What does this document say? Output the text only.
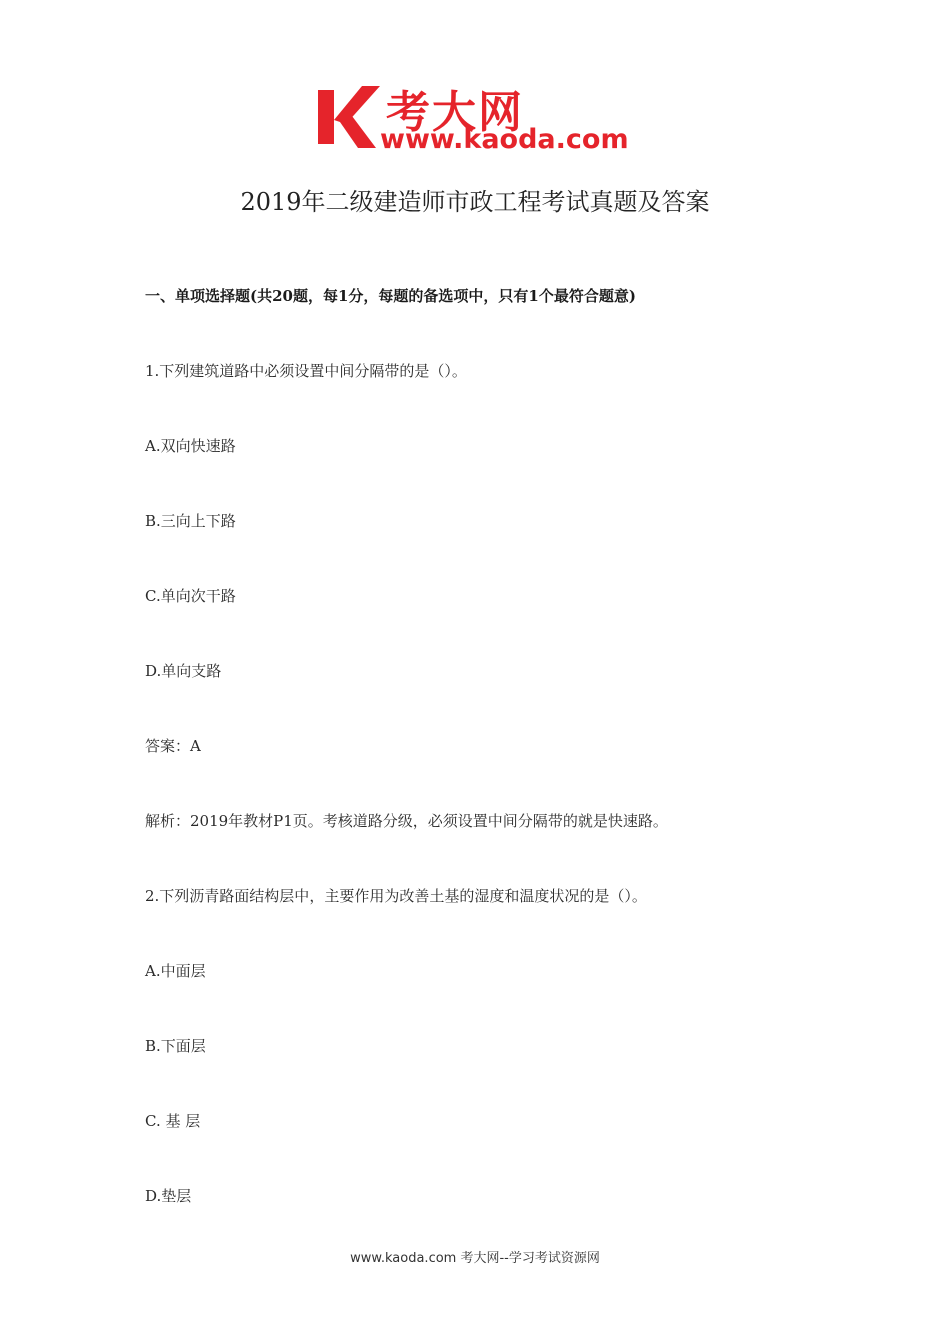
考大网
www.kaoda.com
2019年二级建造师市政工程考试真题及答案
一、单项选择题(共20题，每1分，每题的备选项中，只有1个最符合题意)
1.下列建筑道路中必须设置中间分隔带的是（）。
A.双向快速路
B.三向上下路
C.单向次干路
D.单向支路
答案：A
解析：2019年教材P1页。考核道路分级，必须设置中间分隔带的就是快速路。
2.下列沥青路面结构层中，主要作用为改善土基的湿度和温度状况的是（）。
A.中面层
B.下面层
C. 基 层
D.垫层
www.kaoda.com 考大网--学习考试资源网
